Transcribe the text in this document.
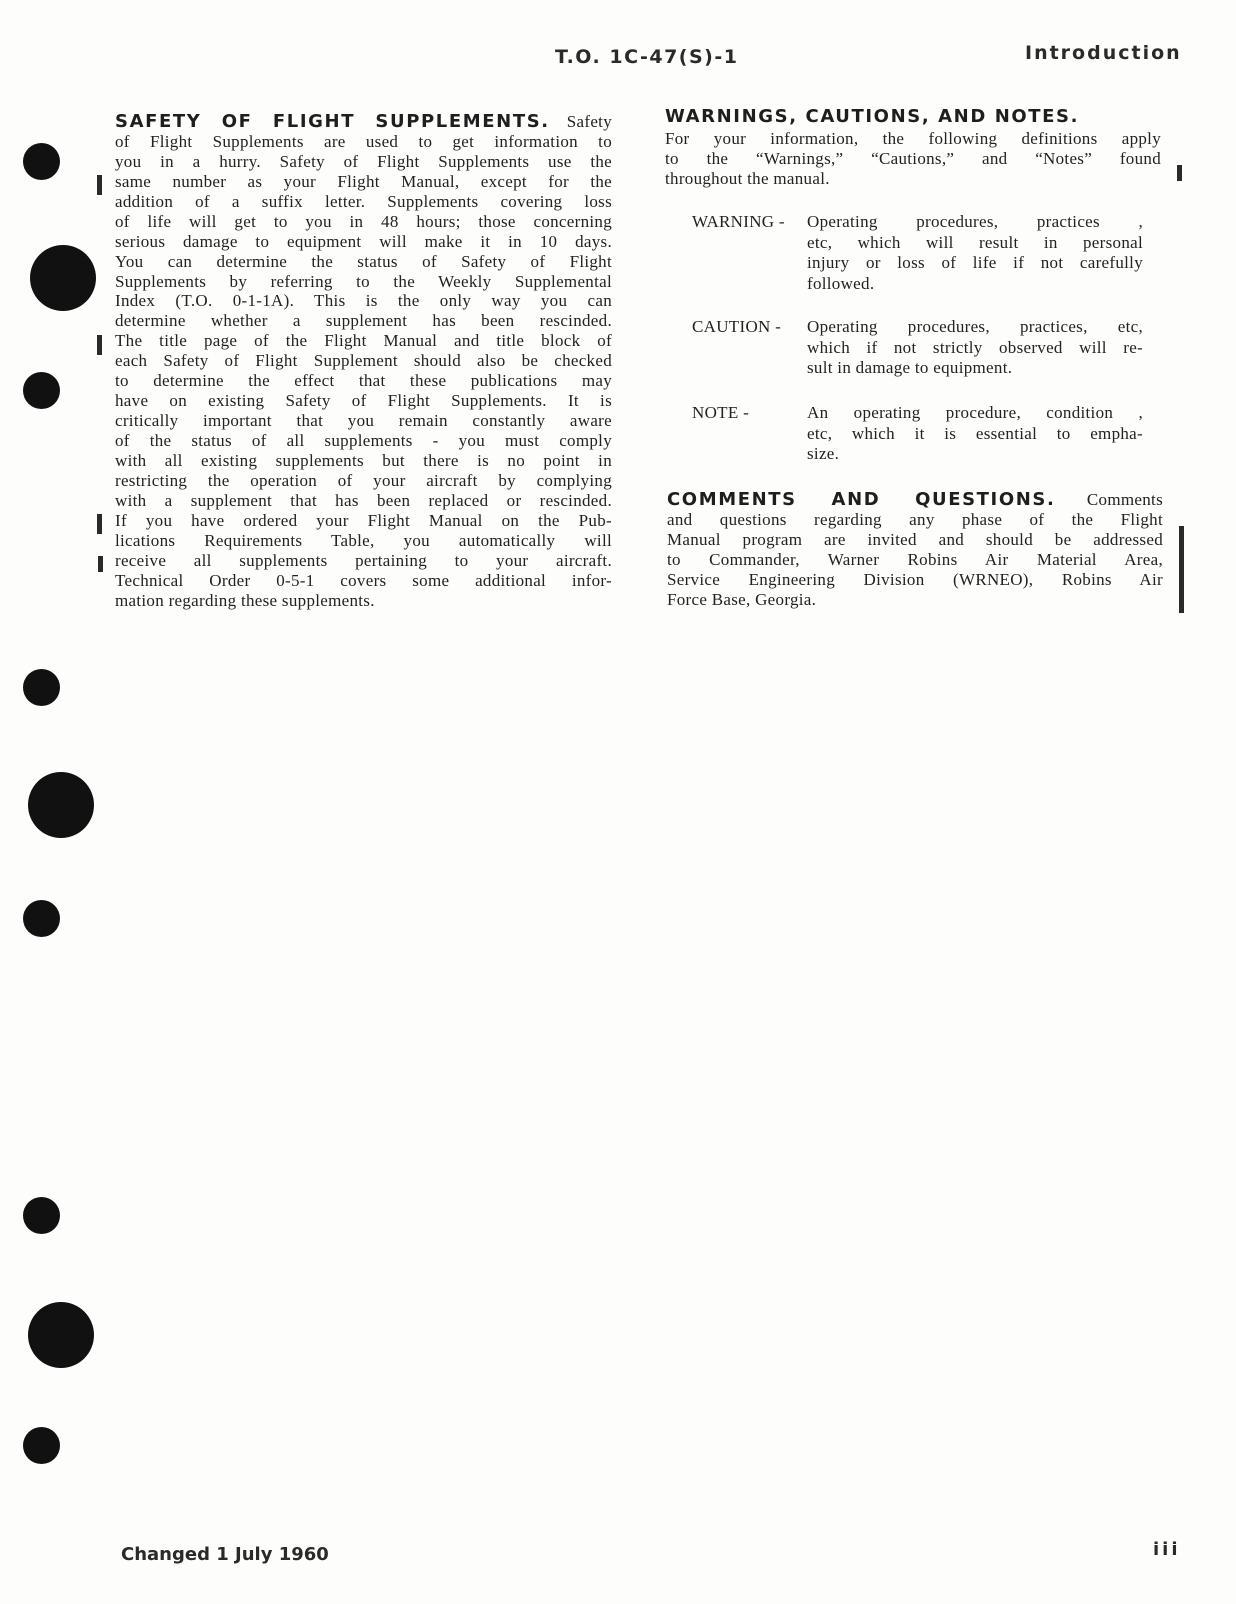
T.O. 1C-47(S)-1	Introduction
SAFETY OF FLIGHT SUPPLEMENTS. Safety
of Flight Supplements are used to get information to
you in a hurry. Safety of Flight Supplements use the
same number as your Flight Manual, except for the
addition of a suffix letter. Supplements covering loss
of life will get to you in 48 hours; those concerning
serious damage to equipment will make it in 10 days.
You can determine the status of Safety of Flight
Supplements by referring to the Weekly Supplemental
Index (T.O. 0-1-1A). This is the only way you can
determine whether a supplement has been rescinded.
The title page of the Flight Manual and title block of
each Safety of Flight Supplement should also be checked
to determine the effect that these publications may
have on existing Safety of Flight Supplements. It is
critically important that you remain constantly aware
of the status of all supplements - you must comply
with all existing supplements but there is no point in
restricting the operation of your aircraft by complying
with a supplement that has been replaced or rescinded.
If you have ordered your Flight Manual on the Pub-
lications Requirements Table, you automatically will
receive all supplements pertaining to your aircraft.
Technical Order 0-5-1 covers some additional infor-
mation regarding these supplements.
WARNINGS, CAUTIONS, AND NOTES.
For your information, the following definitions apply
to the “Warnings,” “Cautions,” and “Notes” found
throughout the manual.
WARNING - Operating procedures, practices ,
etc, which will result in personal
injury or loss of life if not carefully
followed.
CAUTION - Operating procedures, practices, etc,
which if not strictly observed will re-
sult in damage to equipment.
NOTE -	An operating procedure, condition ,
etc, which it is essential to empha-
size.
COMMENTS AND QUESTIONS. Comments
and questions regarding any phase of the Flight
Manual program are invited and should be addressed
to Commander, Warner Robins Air Material Area,
Service Engineering Division (WRNEO), Robins Air
Force Base, Georgia.
Changed 1 July 1960	iii
